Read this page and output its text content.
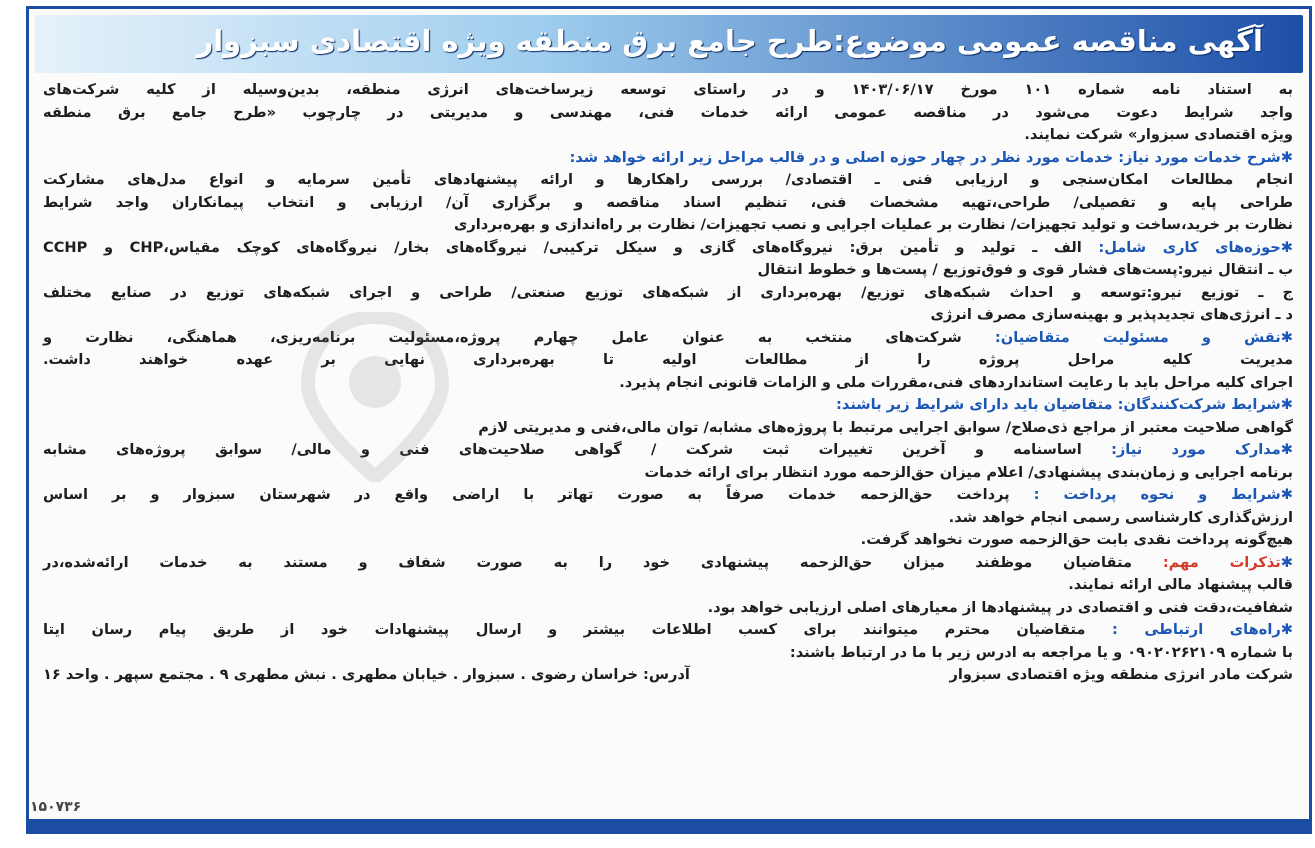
آگهی مناقصه عمومی موضوع:طرح جامع برق منطقه ویژه اقتصادی سبزوار

به استناد نامه شماره ۱۰۱ مورخ ۱۴۰۳/۰۶/۱۷ و در راستای توسعه زیرساخت‌های انرژی منطقه، بدین‌وسیله از کلیه شرکت‌های

واجد شرایط دعوت می‌شود در مناقصه عمومی ارائه خدمات فنی، مهندسی و مدیریتی در چارچوب «طرح جامع برق منطقه

ویژه اقتصادی سبزوار» شرکت نمایند.

✱شرح خدمات مورد نیاز: خدمات مورد نظر در چهار حوزه اصلی و در قالب مراحل زیر ارائه خواهد شد:

انجام مطالعات امکان‌سنجی و ارزیابی فنی ـ اقتصادی/ بررسی راهکارها و ارائه پیشنهادهای تأمین سرمایه و انواع مدل‌های مشارکت

طراحی پایه و تفصیلی/ طراحی،تهیه مشخصات فنی، تنظیم اسناد مناقصه و برگزاری آن/ ارزیابی و انتخاب پیمانکاران واجد شرایط

نظارت بر خرید،ساخت و تولید تجهیزات/ نظارت بر عملیات اجرایی و نصب تجهیزات/ نظارت بر راه‌اندازی و بهره‌برداری

✱حوزه‌های کاری شامل: الف ـ تولید و تأمین برق: نیروگاه‌های گازی و سیکل ترکیبی/ نیروگاه‌های بخار/ نیروگاه‌های کوچک مقیاس،CHP و CCHP

ب ـ انتقال نیرو:پست‌های فشار قوی و فوق‌توزیع / پست‌ها و خطوط انتقال

ج ـ توزیع نیرو:توسعه و احداث شبکه‌های توزیع/ بهره‌برداری از شبکه‌های توزیع صنعتی/ طراحی و اجرای شبکه‌های توزیع در صنایع مختلف

د ـ انرژی‌های تجدیدپذیر و بهینه‌سازی مصرف انرژی

✱نقش و مسئولیت متقاضیان: شرکت‌های منتخب به عنوان عامل چهارم پروژه،مسئولیت برنامه‌ریزی، هماهنگی، نظارت و

مدیریت کلیه مراحل پروژه را از مطالعات اولیه تا بهره‌برداری نهایی بر عهده خواهند داشت.

اجرای کلیه مراحل باید با رعایت استانداردهای فنی،مقررات ملی و الزامات قانونی انجام پذیرد.

✱شرایط شرکت‌کنندگان: متقاضیان باید دارای شرایط زیر باشند:

گواهی صلاحیت معتبر از مراجع ذی‌صلاح/ سوابق اجرایی مرتبط با پروژه‌های مشابه/ توان مالی،فنی و مدیریتی لازم

✱مدارک مورد نیاز: اساسنامه و آخرین تغییرات ثبت شرکت / گواهی صلاحیت‌های فنی و مالی/ سوابق پروژه‌های مشابه

برنامه اجرایی و زمان‌بندی پیشنهادی/ اعلام میزان حق‌الزحمه مورد انتظار برای ارائه خدمات

✱شرایط و نحوه پرداخت : پرداخت حق‌الزحمه خدمات صرفاً به صورت تهاتر با اراضی واقع در شهرستان سبزوار و بر اساس

ارزش‌گذاری کارشناسی رسمی انجام خواهد شد.

هیچ‌گونه پرداخت نقدی بابت حق‌الزحمه صورت نخواهد گرفت.

✱تذکرات مهم: متقاضیان موظفند میزان حق‌الزحمه پیشنهادی خود را به صورت شفاف و مستند به خدمات ارائه‌شده،در

قالب پیشنهاد مالی ارائه نمایند.

شفافیت،دقت فنی و اقتصادی در پیشنهادها از معیارهای اصلی ارزیابی خواهد بود.

✱راه‌های ارتباطی : متقاضیان محترم میتوانند برای کسب اطلاعات بیشتر و ارسال پیشنهادات خود از طریق پیام رسان ایتا

با شماره ۰۹۰۲۰۲۶۲۱۰۹ و یا مراجعه به ادرس زیر با ما در ارتباط باشند:

شرکت مادر انرژی منطقه ویژه اقتصادی سبزوار
آدرس: خراسان رضوی . سبزوار . خیابان مطهری . نبش مطهری ۹ . مجتمع سپهر . واحد ۱۶

۱۵۰۷۳۶
